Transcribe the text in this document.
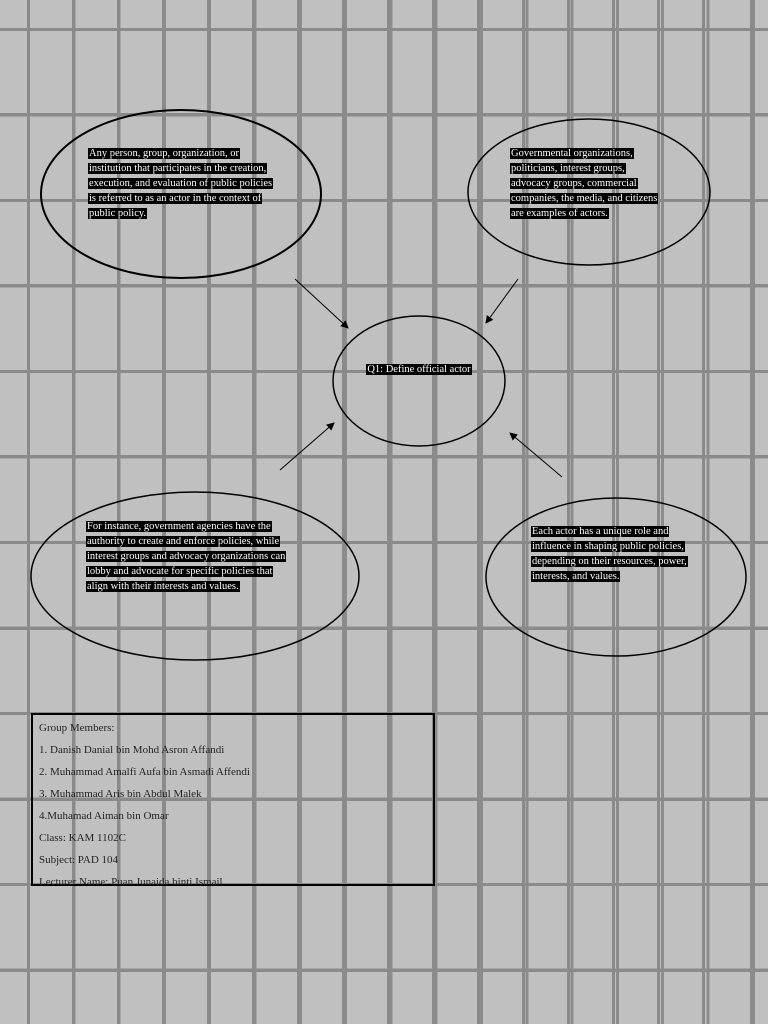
Any person, group, organization, or institution that participates in the creation, execution, and evaluation of public policies is referred to as an actor in the context of public policy.
Governmental organizations, politicians, interest groups, advocacy groups, commercial companies, the media, and citizens are examples of actors.
Q1: Define official actor
For instance, government agencies have the authority to create and enforce policies, while interest groups and advocacy organizations can lobby and advocate for specific policies that align with their interests and values.
Each actor has a unique role and influence in shaping public policies, depending on their resources, power, interests, and values.
Group Members:
1. Danish Danial bin Mohd Asron Affandi
2. Muhammad Amalfi Aufa bin Asmadi Affendi
3. Muhammad Aris bin Abdul Malek
4.Muhamad Aiman bin Omar
Class: KAM 1102C
Subject: PAD 104
Lecturer Name: Puan Junaida binti Ismail
